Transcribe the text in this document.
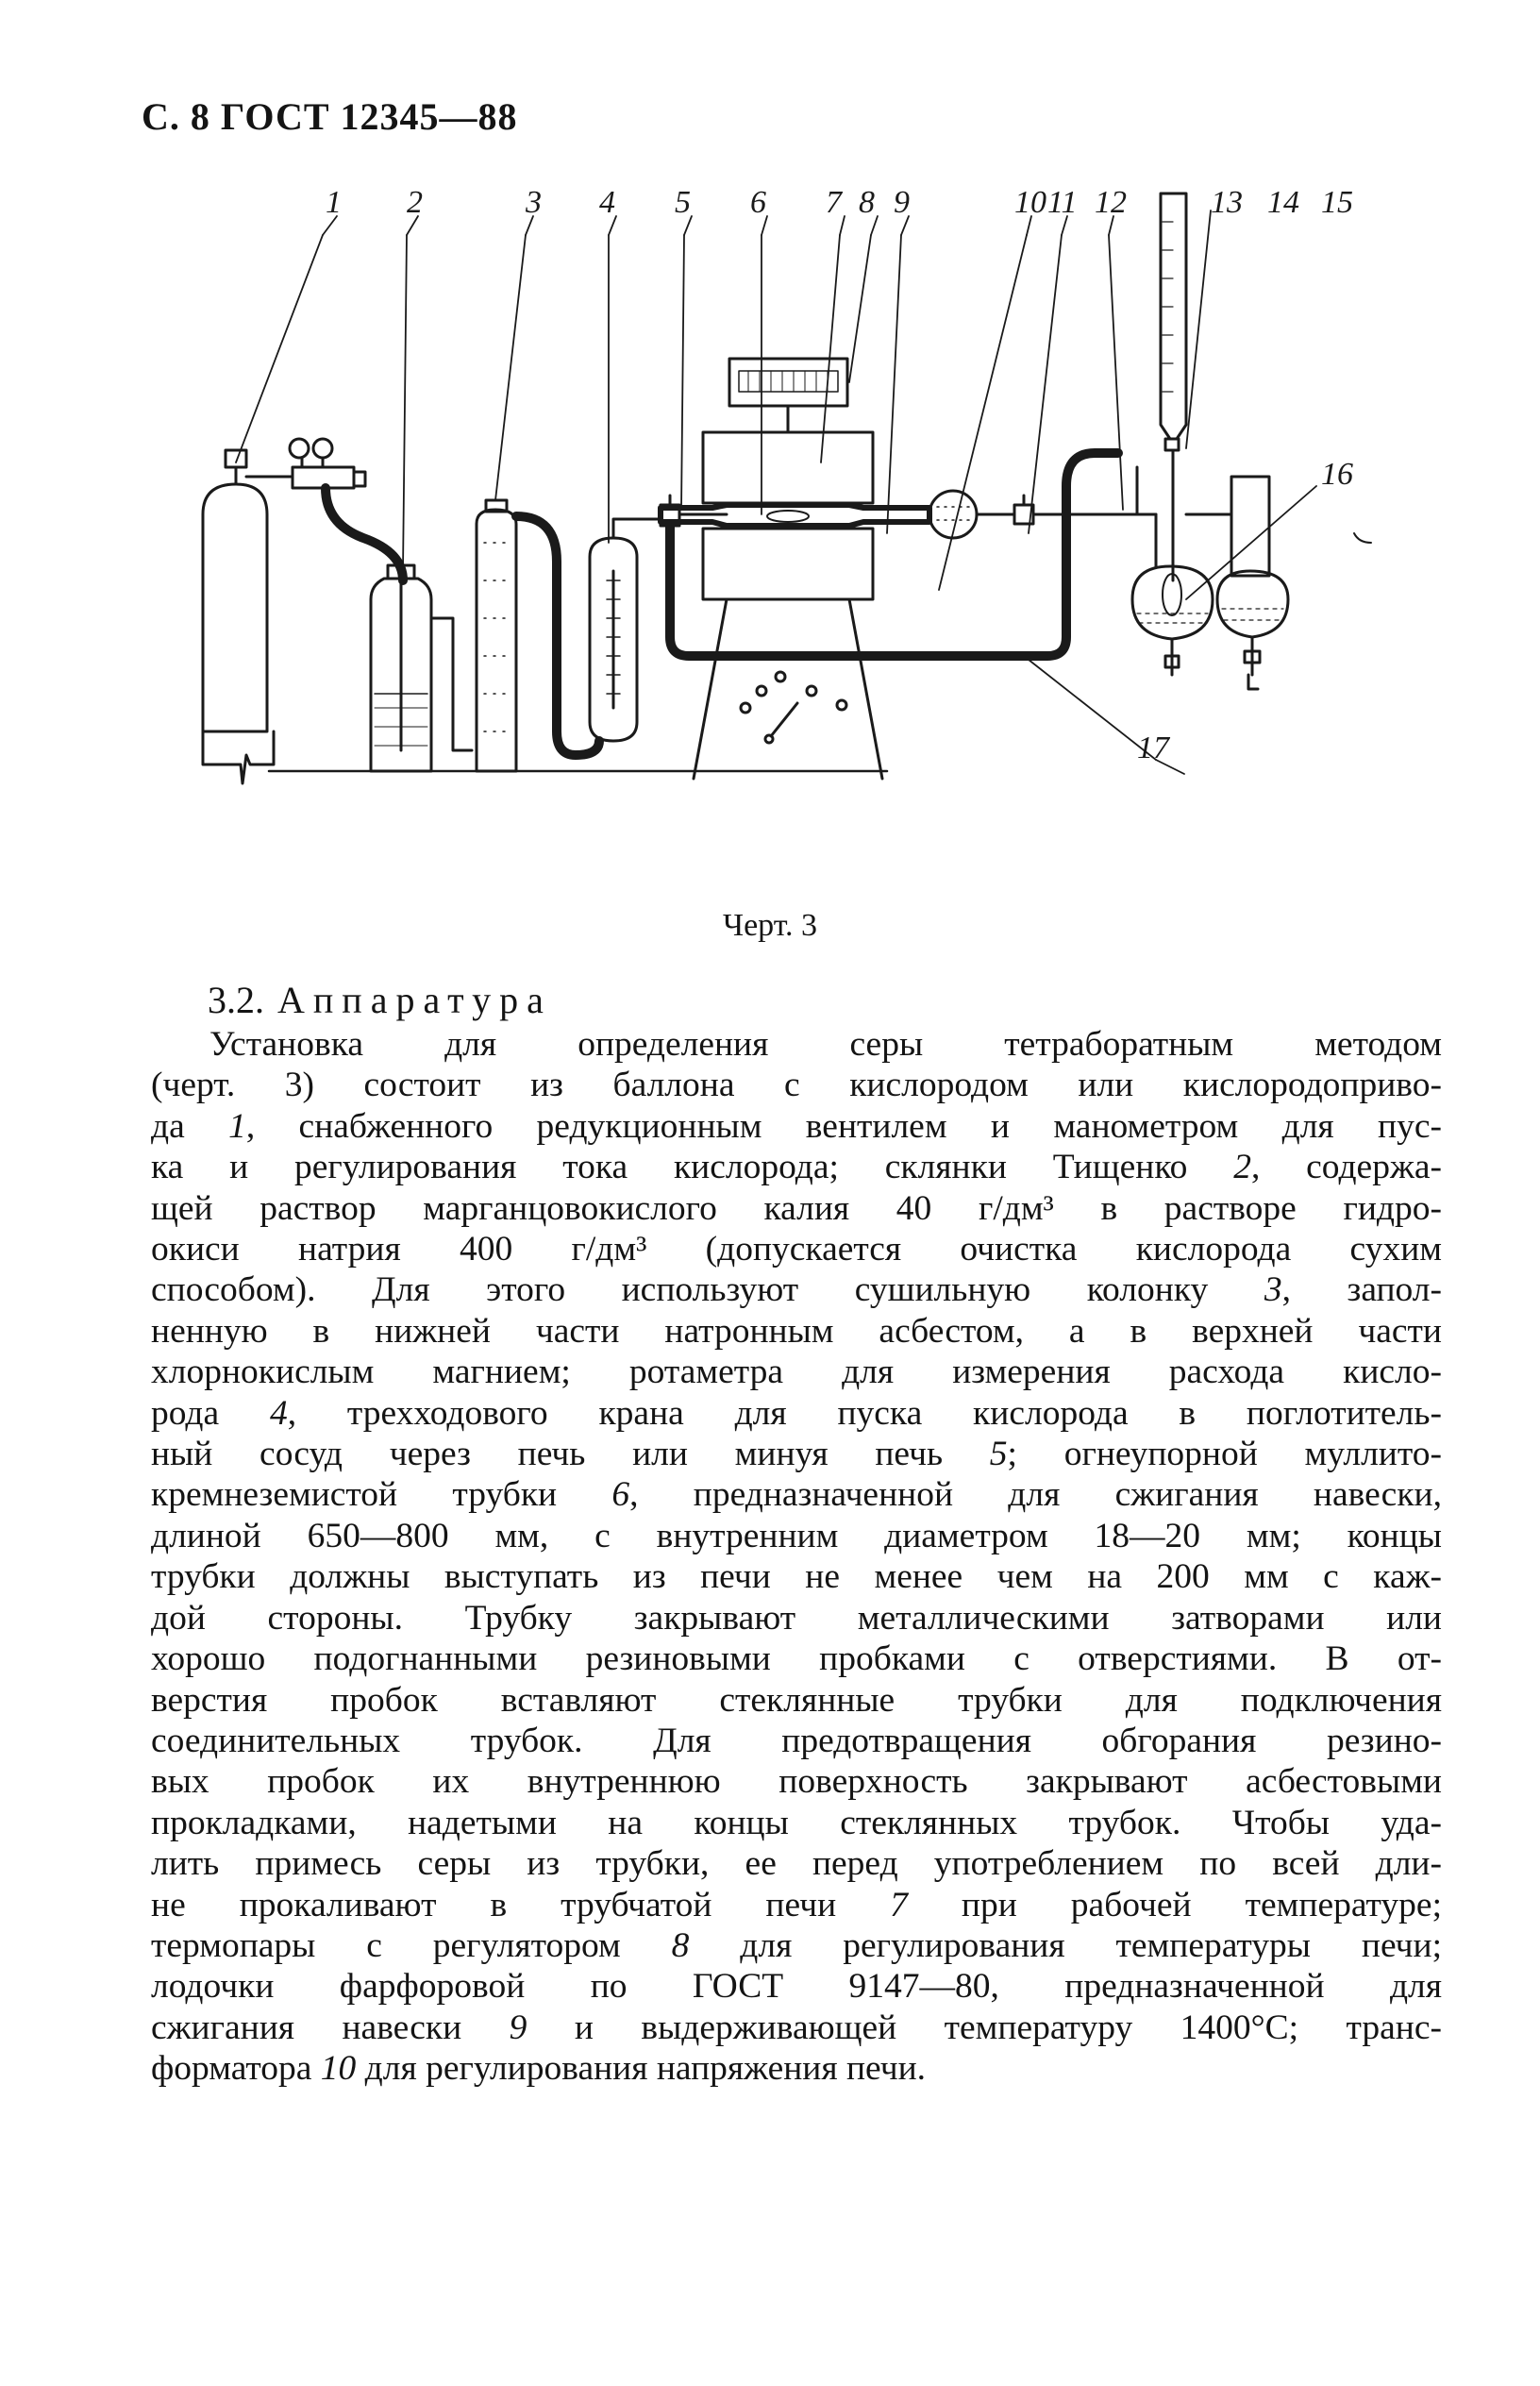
С. 8 ГОСТ 12345—88
1 2	3 4 5 6 7 8 9	10 11 12	13 14 15
16
17
Черт. 3
3.2. Аппаратура
Установка для определения серы тетраборатным методом
(черт. 3) состоит из баллона с кислородом или кислородоприво-
да 1, снабженного редукционным вентилем и манометром для пус-
ка и регулирования тока кислорода; склянки Тищенко 2, содержа-
щей раствор марганцовокислого калия 40 г/дм³ в растворе гидро-
окиси натрия 400 г/дм³ (допускается очистка кислорода сухим
способом). Для этого используют сушильную колонку 3, запол-
ненную в нижней части натронным асбестом, а в верхней части
хлорнокислым магнием; ротаметра для измерения расхода кисло-
рода 4, трехходового крана для пуска кислорода в поглотитель-
ный сосуд через печь или минуя печь 5; огнеупорной муллито-
кремнеземистой трубки 6, предназначенной для сжигания навески,
длиной 650—800 мм, с внутренним диаметром 18—20 мм; концы
трубки должны выступать из печи не менее чем на 200 мм с каж-
дой стороны. Трубку закрывают металлическими затворами или
хорошо подогнанными резиновыми пробками с отверстиями. В от-
верстия пробок вставляют стеклянные трубки для подключения
соединительных трубок. Для предотвращения обгорания резино-
вых пробок их внутреннюю поверхность закрывают асбестовыми
прокладками, надетыми на концы стеклянных трубок. Чтобы уда-
лить примесь серы из трубки, ее перед употреблением по всей дли-
не прокаливают в трубчатой печи 7 при рабочей температуре;
термопары с регулятором 8 для регулирования температуры печи;
лодочки фарфоровой по ГОСТ 9147—80, предназначенной для
сжигания навески 9 и выдерживающей температуру 1400°С; транс-
форматора 10 для регулирования напряжения печи.
